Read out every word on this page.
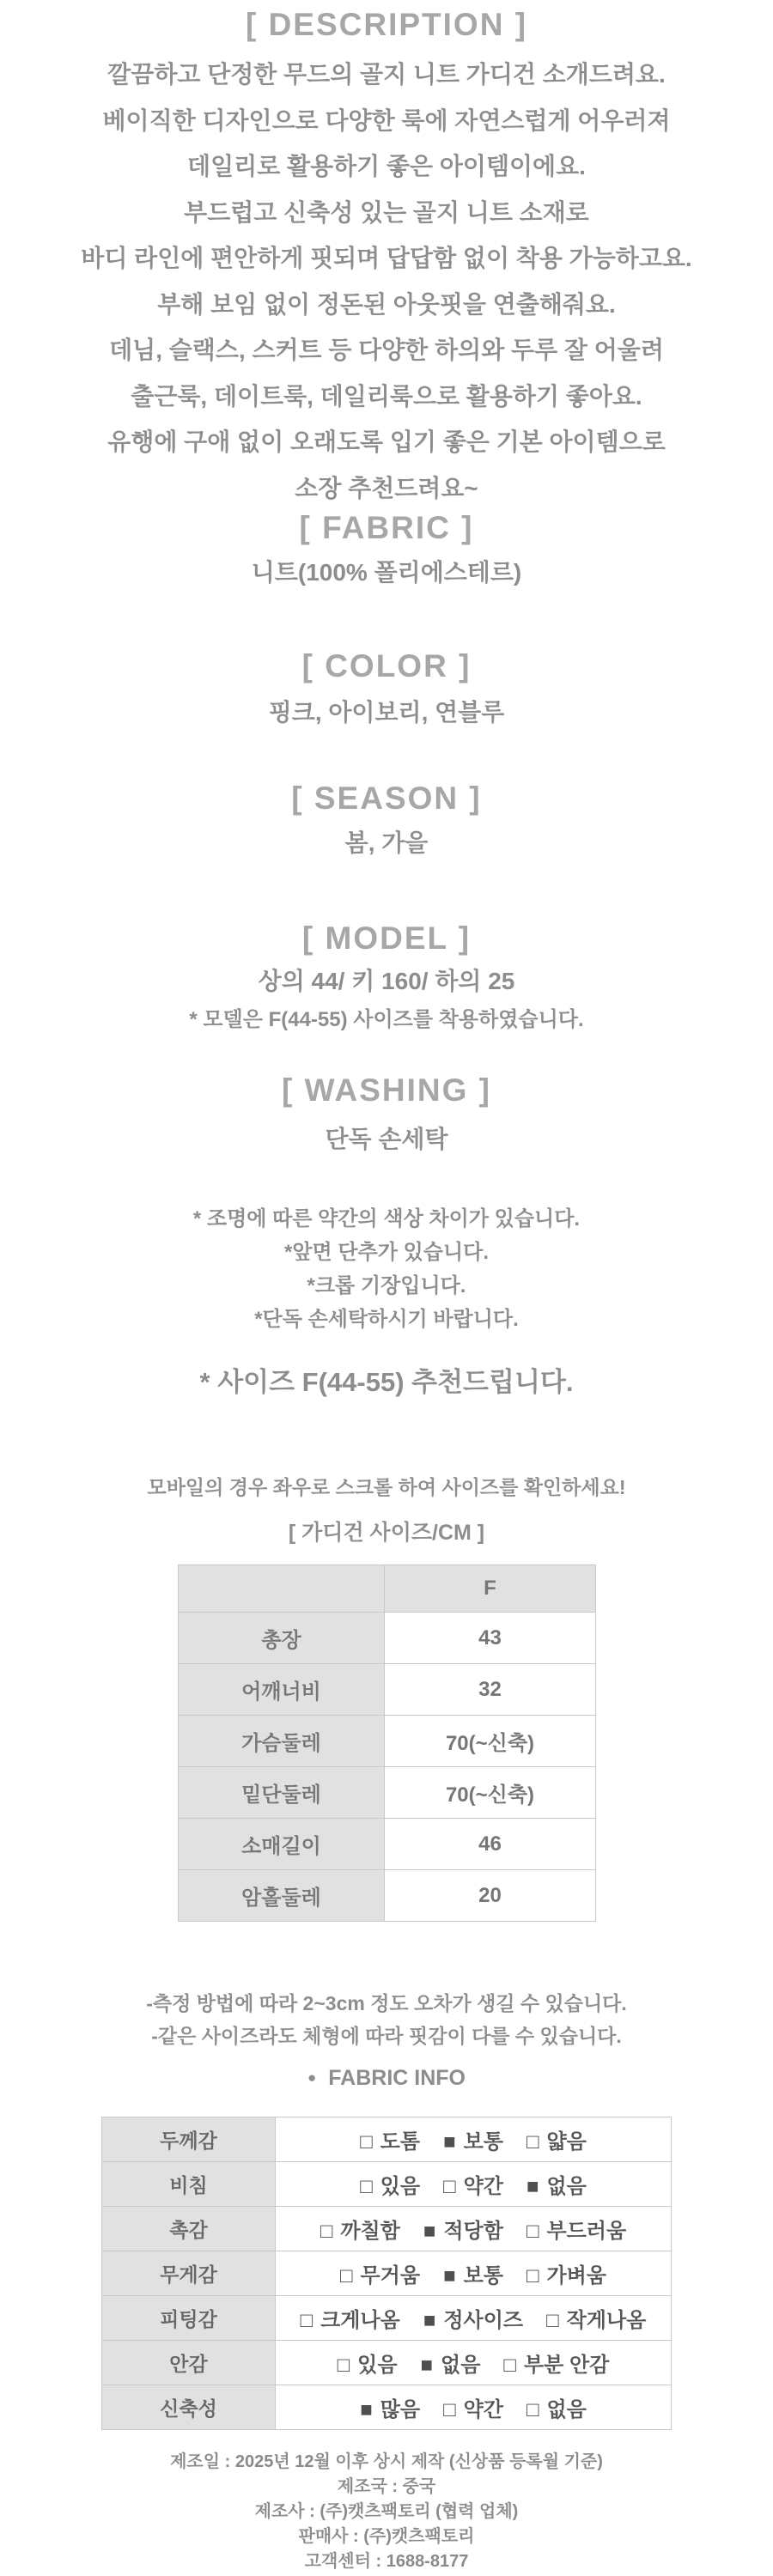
[ DESCRIPTION ]
깔끔하고 단정한 무드의 골지 니트 가디건 소개드려요.
베이직한 디자인으로 다양한 룩에 자연스럽게 어우러져
데일리로 활용하기 좋은 아이템이에요.
부드럽고 신축성 있는 골지 니트 소재로
바디 라인에 편안하게 핏되며 답답함 없이 착용 가능하고요.
부해 보임 없이 정돈된 아웃핏을 연출해줘요.
데님, 슬랙스, 스커트 등 다양한 하의와 두루 잘 어울려
출근룩, 데이트룩, 데일리룩으로 활용하기 좋아요.
유행에 구애 없이 오래도록 입기 좋은 기본 아이템으로
소장 추천드려요~
[ FABRIC ]
니트(100% 폴리에스테르)
[ COLOR ]
핑크, 아이보리, 연블루
[ SEASON ]
봄, 가을
[ MODEL ]
상의 44/ 키 160/ 하의 25
* 모델은 F(44-55) 사이즈를 착용하였습니다.
[ WASHING ]
단독 손세탁
* 조명에 따른 약간의 색상 차이가 있습니다.
*앞면 단추가 있습니다.
*크롭 기장입니다.
*단독 손세탁하시기 바랍니다.
* 사이즈 F(44-55) 추천드립니다.
모바일의 경우 좌우로 스크롤 하여 사이즈를 확인하세요!
[ 가디건 사이즈/CM ]
	F
총장	43
어깨너비	32
가슴둘레	70(~신축)
밑단둘레	70(~신축)
소매길이	46
암홀둘레	20
-측정 방법에 따라 2~3cm 정도 오차가 생길 수 있습니다.
-같은 사이즈라도 체형에 따라 핏감이 다를 수 있습니다.
● FABRIC INFO
두께감	□ 도톰 ■ 보통 □ 얇음

비침	□ 있음 □ 약간 ■ 없음

촉감	□ 까칠함 ■ 적당함 □ 부드러움

무게감	□ 무거움 ■ 보통 □ 가벼움

피팅감	□ 크게나옴 ■ 정사이즈 □ 작게나옴

안감	□ 있음 ■ 없음 □ 부분 안감

신축성	■ 많음 □ 약간 □ 없음
제조일 : 2025년 12월 이후 상시 제작 (신상품 등록월 기준)
제조국 : 중국
제조사 : (주)캣츠팩토리 (협력 업체)
판매사 : (주)캣츠팩토리
고객센터 : 1688-8177
